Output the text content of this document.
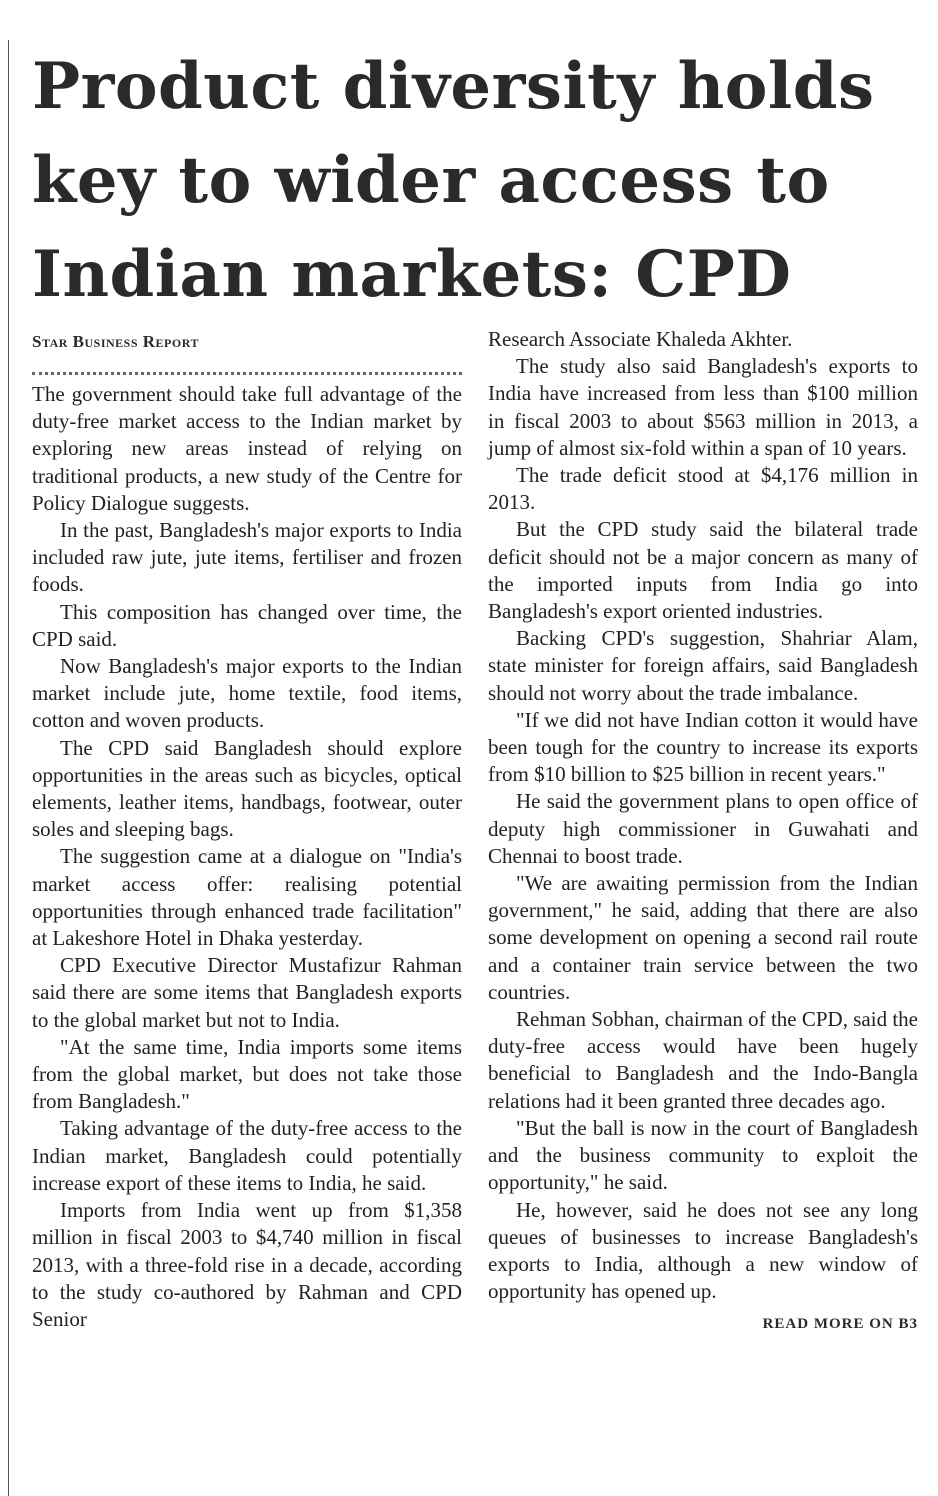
Product diversity holds key to wider access to Indian markets: CPD
Star Business Report

The government should take full advantage of the duty-free market access to the Indian market by exploring new areas instead of relying on traditional products, a new study of the Centre for Policy Dialogue suggests.

In the past, Bangladesh's major exports to India included raw jute, jute items, fertiliser and frozen foods.

This composition has changed over time, the CPD said.

Now Bangladesh's major exports to the Indian market include jute, home textile, food items, cotton and woven products.

The CPD said Bangladesh should explore opportunities in the areas such as bicycles, optical elements, leather items, handbags, footwear, outer soles and sleeping bags.

The suggestion came at a dialogue on "India's market access offer: realising potential opportunities through enhanced trade facilitation" at Lakeshore Hotel in Dhaka yesterday.

CPD Executive Director Mustafizur Rahman said there are some items that Bangladesh exports to the global market but not to India.

"At the same time, India imports some items from the global market, but does not take those from Bangladesh."

Taking advantage of the duty-free access to the Indian market, Bangladesh could potentially increase export of these items to India, he said.

Imports from India went up from $1,358 million in fiscal 2003 to $4,740 million in fiscal 2013, with a three-fold rise in a decade, according to the study co-authored by Rahman and CPD Senior

Research Associate Khaleda Akhter.

The study also said Bangladesh's exports to India have increased from less than $100 million in fiscal 2003 to about $563 million in 2013, a jump of almost six-fold within a span of 10 years.

The trade deficit stood at $4,176 million in 2013.

But the CPD study said the bilateral trade deficit should not be a major concern as many of the imported inputs from India go into Bangladesh's export oriented industries.

Backing CPD's suggestion, Shahriar Alam, state minister for foreign affairs, said Bangladesh should not worry about the trade imbalance.

"If we did not have Indian cotton it would have been tough for the country to increase its exports from $10 billion to $25 billion in recent years."

He said the government plans to open office of deputy high commissioner in Guwahati and Chennai to boost trade.

"We are awaiting permission from the Indian government," he said, adding that there are also some development on opening a second rail route and a container train service between the two countries.

Rehman Sobhan, chairman of the CPD, said the duty-free access would have been hugely beneficial to Bangladesh and the Indo-Bangla relations had it been granted three decades ago.

"But the ball is now in the court of Bangladesh and the business community to exploit the opportunity," he said.

He, however, said he does not see any long queues of businesses to increase Bangladesh's exports to India, although a new window of opportunity has opened up.

READ MORE ON B3
